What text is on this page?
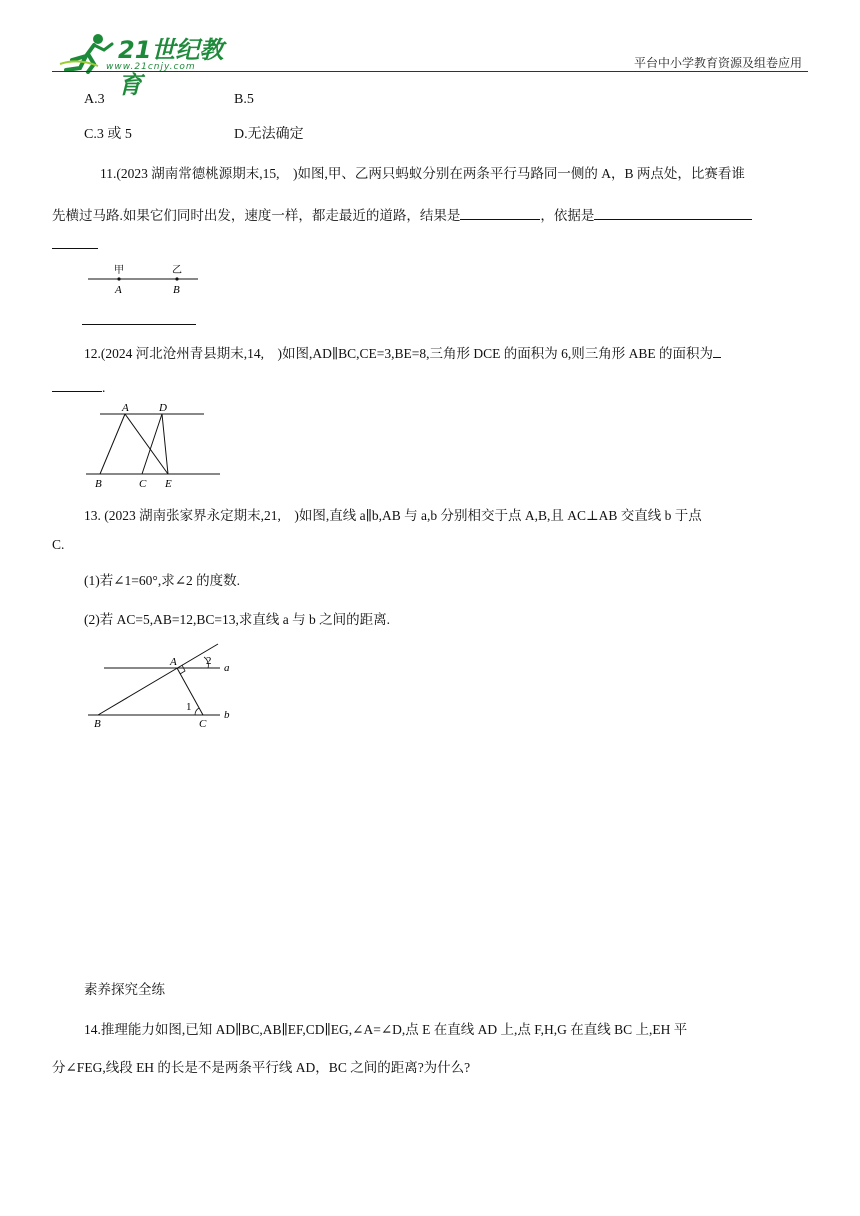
21世纪教育
www.21cnjy.com	平台中小学教育资源及组卷应用
A.3	B.5
C.3 或 5	D.无法确定
11.(2023 湖南常德桃源期末,15,　)如图,甲、乙两只蚂蚁分别在两条平行马路同一侧的 A，B 两点处，比赛看谁
先横过马路.如果它们同时出发，速度一样，都走最近的道路，结果是	，依据是
甲	乙
A	B
12.(2024 河北沧州青县期末,14,　)如图,AD∥BC,CE=3,BE=8,三角形 DCE 的面积为 6,则三角形 ABE 的面积为
.
A	D
B	C E
13. (2023 湖南张家界永定期末,21,　)如图,直线 a∥b,AB 与 a,b 分别相交于点 A,B,且 AC⊥AB 交直线 b 于点
C.
(1)若∠1=60°,求∠2 的度数.
(2)若 AC=5,AB=12,BC=13,求直线 a 与 b 之间的距离.
A
B	C
a
b
1
2
素养探究全练
14.推理能力如图,已知 AD∥BC,AB∥EF,CD∥EG,∠A=∠D,点 E 在直线 AD 上,点 F,H,G 在直线 BC 上,EH 平
分∠FEG,线段 EH 的长是不是两条平行线 AD，BC 之间的距离?为什么?
